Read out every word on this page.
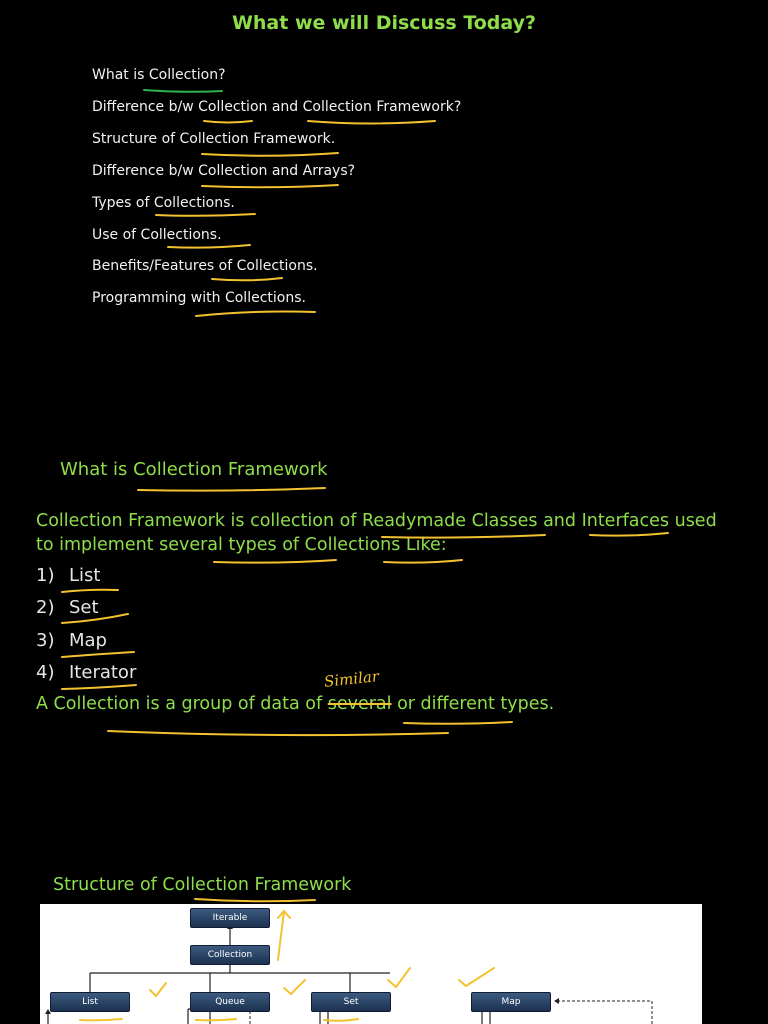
What we will Discuss Today?
What is Collection?
Difference b/w Collection and Collection Framework?
Structure of Collection Framework.
Difference b/w Collection and Arrays?
Types of Collections.
Use of Collections.
Benefits/Features of Collections.
Programming with Collections.
What is Collection Framework
Collection Framework is collection of Readymade Classes and Interfaces used to implement several types of Collections Like:
1) List
2) Set
3) Map
4) Iterator
A Collection is a group of data of several or different types.
Similar
Structure of Collection Framework
Iterable
Collection
List	Queue	Set	Map
